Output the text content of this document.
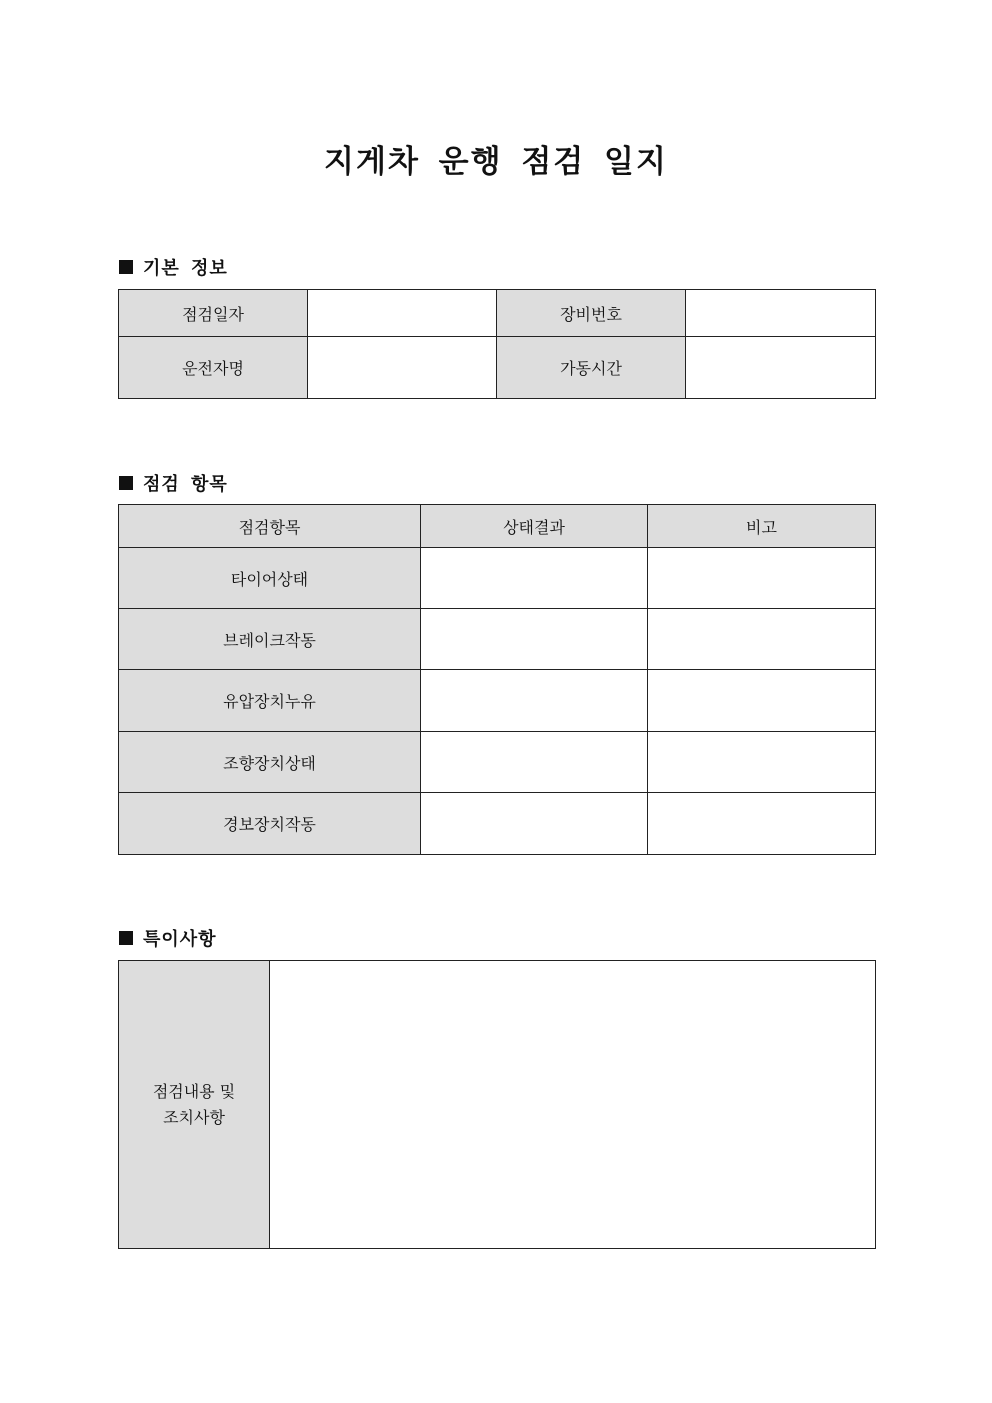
지게차 운행 점검 일지
기본 정보
점검일자		장비번호	
운전자명		가동시간	
점검 항목
점검항목	상태결과	비고
타이어상태		
브레이크작동		
유압장치누유		
조향장치상태		
경보장치작동		
특이사항
점검내용 및
조치사항
